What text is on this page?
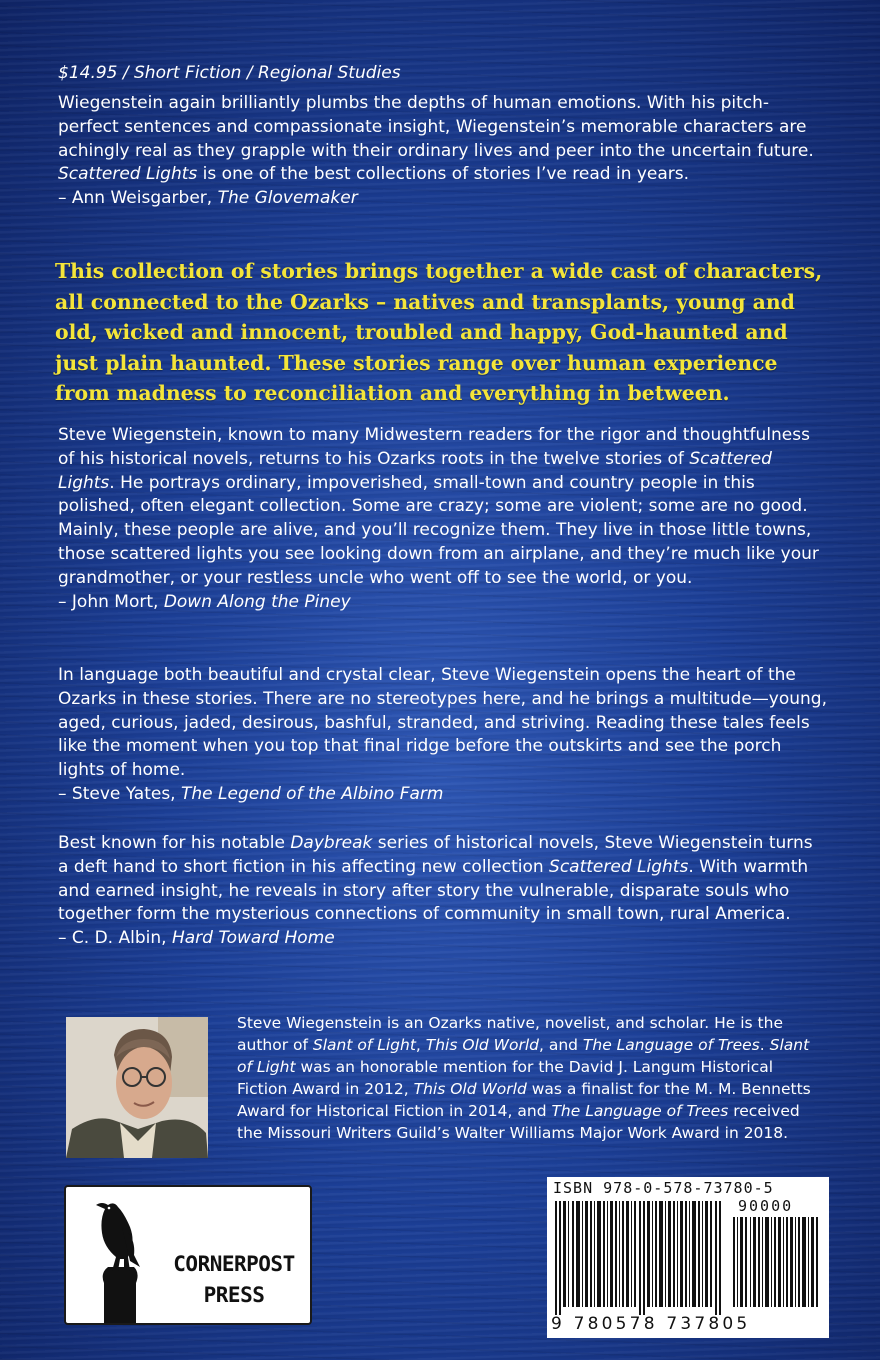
$14.95 / Short Fiction / Regional Studies

Wiegenstein again brilliantly plumbs the depths of human emotions. With his pitch-perfect sentences and compassionate insight, Wiegenstein’s memorable characters are achingly real as they grapple with their ordinary lives and peer into the uncertain future. Scattered Lights is one of the best collections of stories I’ve read in years.

– Ann Weisgarber, The Glovemaker

This collection of stories brings together a wide cast of characters, all connected to the Ozarks – natives and transplants, young and old, wicked and innocent, troubled and happy, God-haunted and just plain haunted. These stories range over human experience from madness to reconciliation and everything in between.

Steve Wiegenstein, known to many Midwestern readers for the rigor and thoughtfulness of his historical novels, returns to his Ozarks roots in the twelve stories of Scattered Lights. He portrays ordinary, impoverished, small-town and country people in this polished, often elegant collection. Some are crazy; some are violent; some are no good. Mainly, these people are alive, and you’ll recognize them. They live in those little towns, those scattered lights you see looking down from an airplane, and they’re much like your grandmother, or your restless uncle who went off to see the world, or you.

– John Mort, Down Along the Piney

In language both beautiful and crystal clear, Steve Wiegenstein opens the heart of the Ozarks in these stories. There are no stereotypes here, and he brings a multitude—young, aged, curious, jaded, desirous, bashful, stranded, and striving. Reading these tales feels like the moment when you top that final ridge before the outskirts and see the porch lights of home.

– Steve Yates, The Legend of the Albino Farm

Best known for his notable Daybreak series of historical novels, Steve Wiegenstein turns a deft hand to short fiction in his affecting new collection Scattered Lights. With warmth and earned insight, he reveals in story after story the vulnerable, disparate souls who together form the mysterious connections of community in small town, rural America.

– C. D. Albin, Hard Toward Home

Steve Wiegenstein is an Ozarks native, novelist, and scholar. He is the author of Slant of Light, This Old World, and The Language of Trees. Slant of Light was an honorable mention for the David J. Langum Historical Fiction Award in 2012, This Old World was a finalist for the M. M. Bennetts Award for Historical Fiction in 2014, and The Language of Trees received the Missouri Writers Guild’s Walter Williams Major Work Award in 2018.

CORNERPOST
PRESS
ISBN 978-0-578-73780-5
90000
9 780578 737805
